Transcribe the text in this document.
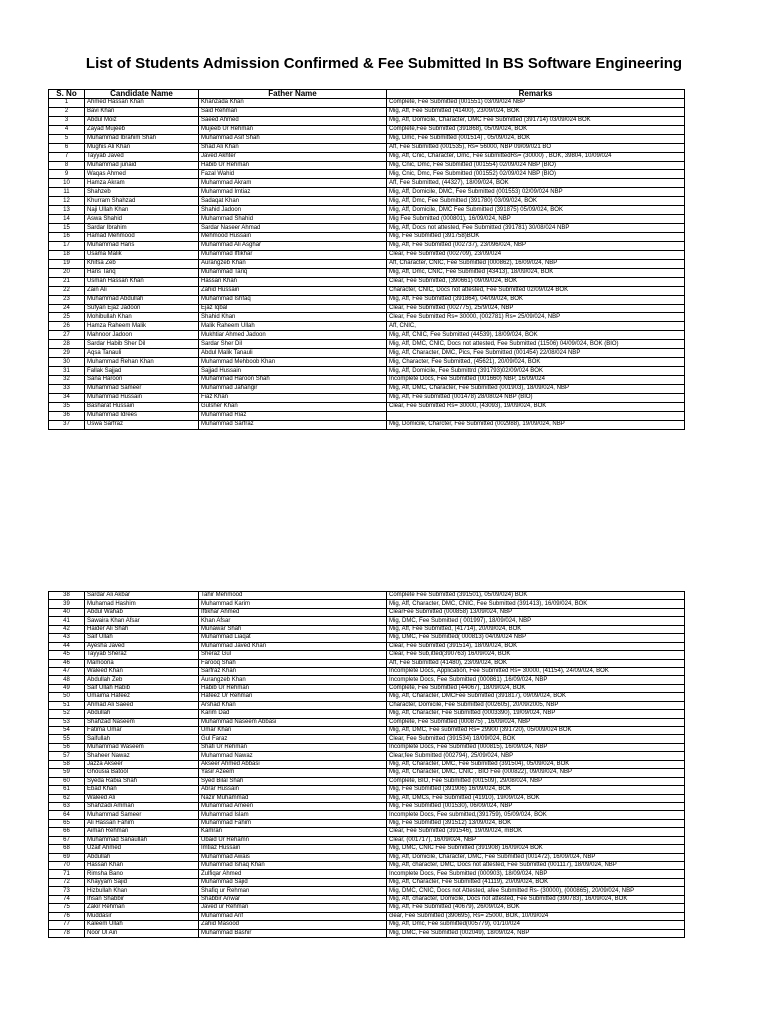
List of Students Admission Confirmed & Fee Submitted In BS Software Engineering
S. No	Candidate Name	Father Name	Remarks
1	Ahmed Hassan Khan	Khanzada Khan	Complete, Fee Submitted (001551) 03/09/024 NBP
2	Bavi Khan	Said Rehman	Mig, Aff, Fee Submitted (41400), 23/09/024, BOK
3	Abdul Moiz	Saeed Ahmed	Mig, Aff, Domicile, Character, DMC Fee Submitted (391714) 03/09/024 BOK
4	Zayad Mujeeb	Mujeeb Ur Rehman	Complete,Fee Submitted (391868), 05/09/024, BOK
5	Muhammad Ibrahim Shah	Muhammad Asif Shah	Mig, Dmc, Fee Submitted (001514) , 05/09/024, BOK
6	Mughis Ali Khan	Shad Ali Khan	Aff, Fee Submitted (001535), Rs= 56000, NBP 09/09/021 BO
7	Tayyab Javed	Javed Akhter	Mig, Aff, Cnic, Character, Dmc, Fee submittedRs= (30000) , BOK, 39804, 10/09/024
8	Muhammad junaid	Habib Ur Rehman	Mig, Cnic, Dmc, Fee Submitted (001554) 02/09/024 NBP (BIO)
9	Waqas Ahmed	Fazal Wahid	Mig, Cnic, Dmc, Fee Submitted (001552) 02/09/024 NBP (BIO)
10	Hamza Akram	Muhammad Akram	Aff, Fee Submitted, (44327), 18/09/024, BOK
11	Shahzeb	Muhammad Imtiaz	Mig, Aff, Domicile, DMC, Fee Submitted (001553) 02/09/024 NBP
12	Khurram Shahzad	Sadaqat Khan	Mig, Aff, Dmc, Fee Submitted (391780) 03/09/024, BOK
13	Naji Ullah Khan	Shahid Jadoon	Mig, Aff, Domicile, DMC Fee Submitted (391875) 05/09/024, BOK
14	Aswa Shahid	Muhammad Shahid	Mig Fee Submitted (000801), 16/09/024, NBP
15	Sardar Ibrahim	Sardar Naseer Ahmad	Mig, Aff, Docs not attested, Fee Submitted (391781) 30/08/024 NBP
16	Hamad Mehmood	Mehmood Hussain	Mig, Fee Submitted (391758)BOK
17	Muhammad Haris	Muhammad Ali Asghar	Mig, Aff, Fee Submitted (002737), 23/096/024, NBP
18	Usama Malik	Muhammad Iftikhar	Clear, Fee Submitted (002709), 23/09/024
19	Khifsa Zeb	Aurangzeb Khan	Aff, Character, CNIC, Fee Submitted (000862), 16/09/024, NBP
20	Haris Tariq	Muhammad Tariq	Mig, Aff, Dmc, CNIC, Fee Submitted (43413), 18/09/024, BOK
21	Usman Hassan Khan	Hassan Khan	Clear, Fee Submitted, (390661) 09/09/024, BOK
22	Zain Ali	Zahid Hussain	Character, CNIC, Docs not attested, Fee Submitted 02/09/024 BOK
23	Muhammad Abdullah	Muhammad Ishfaq	Mig, Aff, Fee Submitted (391864), 04/09/024, BOK
24	Sufyan Ejaz Jadoon	Ejaz Iqbal	Clear, Fee Submitted (002775), 25/9/024, NBP
25	Mohibullah Khan	Shahid Khan	Clear, Fee Submitted Rs= 30000, (002781) Rs= 25/09/024, NBP
26	Hamza Raheem Malik	Malik Raheem Ullah	Aff, CNIC,
27	Mahnoor Jadoon	Mukhtiar Ahmed Jadoon	Mig, Aff, CNIC, Fee Submitted (44539), 18/09/024, BOK
28	Sardar Habib Sher Dil	Sardar Sher Dil	Mig, Aff, DMC, CNIC, Docs not attested, Fee Submitted (11506) 04/09/024, BOK (BIO)
29	Aqsa Tanauli	Abdul Malik Tanauli	Mig, Aff, Character, DMC, Pics, Fee Submitted (001454) 22/08/024 NBP
30	Muhammad Rehan Khan	Muhammad Mehboob Khan	Mig, Character, Fee Submitted, (45621), 20/09/024, BOK
31	Fallak Sajjad	Sajjad Hussain	Mig, Aff, Domicile, Fee Submittrd (391793)02/09/024 BOK
32	Sana Haroon	Muhammad Haroon Shah	Incomplete Docs, Fee Submitted (001660) NBP, 16/09/024
33	Muhammad Sameer	Muhammad Jahangir	Mig, Aff, DMC, Character, Fee Submitted (001903), 18/09/024, NBP
34	Muhammad Hussain	Fiaz Khan	Mig, Aff, Fee submitted (001478) 28/08024 NBP (BIO)
35	Basharat Hussain	Gulsher Khan	Clear, Fee Submitted Rs= 30000, (43093), 19/09/024, BOK
36	Muhammad Idrees	Muhammad Riaz	
37	Uswa Sarfraz	Muhammad Sarfraz	Mig, Domicile, Charcter, Fee Submitted (002988), 19/09/024, NBP
38	Sardar Ali Akbar	Tahir Mehmood	Complete Fee Submitted (391501), 05/09/024) BOK
39	Muhamad Hashim	Muhammad Karim	Mig, Aff, Character, DMC, CNIC, Fee Submitted (391413), 16/09/024, BOK
40	Abdul Wahab	Iftikhar Ahmed	ClearFee Submitted (000858) 13/09/024, NBP
41	Sawaira Khan Afsar	Khan Afsar	Mig, DMC, Fee Submitted ( 001997), 18/09/024, NBP
42	Haider Ali Shah	Munawar Shah	Mig, Aff, Fee Submitted, (41714), 20/09/024, BOK
43	Saif Ullah	Muhammad Liaqat	Mig, DMC, Fee Submitted( 000813) 04/09/024 NBP
44	Ayesha Javed	Muhammad Javed Khan	Clear, Fee Submitted (391514), 18/09/024, BOK
45	Tayyab Sheraz	Sheraz Gul	Clear, Fee Sub,itted(390763) 16/09/024, BOK
46	Mamoona	Farooq Shah	Aff, Fee Submitted (41480), 23/09/024, BOK
47	Waleed Khan	Sarfraz Khan	Incomplete Docs, Application, Fee Submitted Rs= 30000, (41154), 24/09/024, BOK
48	Abdullah Zeb	Aurangzeb Khan	Incomplete Docs, Fee Submitted (000861) ,16/09/024, NBP
49	Saif Ullah Habib	Habib Ur Rehman	Complete, Fee Submitted (44067), 18/09/024, BOK
50	Umaima Hafeez	Hafeez Ur Rehman	Mig, Aff, Character, DMCFee Submitted (391817), 09/09/024, BOK
51	Ahmad Ali Saeed	Arshad Khan	Character, Domicile, Fee Submitted (002605), 20/09/2005, NBP
52	Abdullah	Karim Dad	Mig, Aff, Character, Fee Submitted (0003390), 19/09/024, NBP
53	Shahzad Naseem	Muhammad Naseem Abbasi	Complete, Fee Submitted (000875) , 16/09/024, NBP
54	Fatima Umar	Umar Khan	Mig, Aff, DMC, Fee submitted Rs= 29900 (391720), 05/009/024 BOK
55	Saifullah	Gul Faraz	Clear, Fee Submitted (391534) 18/09/024, BOK
56	Muhammad Waseem	Shafi Ur Rehman	Incomplete Docs, Fee Submitted (000815), 16/09/024, NBP
57	Shaheer Nawaz	Muhammad Nawaz	Clear,fee Submitted (002794), 25/09/024, NBP
58	Jazza Akseer	Akseer Ahmed Abbasi	Mig, Aff, Character, DMC, Fee Submitted (391504), 05/09/024, BOK
59	Ghousia Batool	Yasir Azeem	Mig, Aff, Character, DMC, CNIC , BIO Fee (000822), 09/09/024, NBP
60	Syeda Rabia Shah	Syed Bilal Shah	Complete, BIO, Fee Submitted (001509), 29/08/024, NBP
61	Ebad Khan	Abrar Hussain	Mig, Fee Submitted (391906) 16/09/024, BOK
62	Waleed Ali	Nazir Muhammad	Mig, Aff, DMCs, Fee Submitted (41910), 19/09/024, BOK
63	Shahzadi Amman	Muhammad Ameen	Mig, Fee Submitted (001530), 06/09/024, NBP
64	Muhammad Sameer	Muhammad Islam	Incomplete Docs, Fee submitted,(391759), 05/09/024, BOK
65	Ali Hassan Fahim	Muhammad Fahim	Mig, Fee Submitted (391512) 13/09/024, BOK
66	Aiman Rehman	Kamran	Clear, Fee Submitted (391546), 19/09/024, mBOK
67	Muhammad Sanaullah	Ubaid Ur Rehamn	Clear, (001717), 16/09/024, NBP
68	Uzaif Ahmed	Imtiaz Hussain	Mig, DMC, CNIC Fee Submitted (391908) 16/09/024 BOK
69	Abdullah	Muhammad Awais	Mig, Aff, Domicile, Character, DMC, Fee Submitted (001472), 16/09/024, NBP
70	Hassan Khan	Muhammad Ishaq Khan	Mig, Aff, character, DMC, Docs not attested, Fee Submitted (001117), 18/09/024, NBP
71	Rimsha Bano	Zulfiqar Ahmed	Incomplete Docs, Fee Submitted (000903), 18/09/024, NBP
72	Khayyam Sajid	Muhammad Sajid	Mig, Aff, Character, Fee Submitted (41119), 20/09/024, BOK
73	Hizbullah Khan	Shafiq ur Rehman	Mig, DMC, CNIC, Docs not Attested, afee Submitted Rs- (30000), (000865), 20/09/024, NBP
74	Ihsan Shabbir	Shabbir Anwar	Mig, Aff, character, Domicile, Docs not attested, Fee Submitted (390783), 16/09/024, BOK
75	Zakir Rehman	Javed ur Rehman	Mig, Aff, Fee Submitted (40679), 26/09/024, BOK
76	Muddasir	Muhammad Arif	clear, Fee Submitted (390695), Rs= 25000, BOK, 10/09/024
77	Kaleem Ullah	Zahid Masood	Mig, Aff, Dmc, Fee submitted(005779), 01/10/024
78	Noor Ul Ain	Muhammad Bashir	Mig, DMC, Fee Submitted (002049), 18/09/024, NBP
